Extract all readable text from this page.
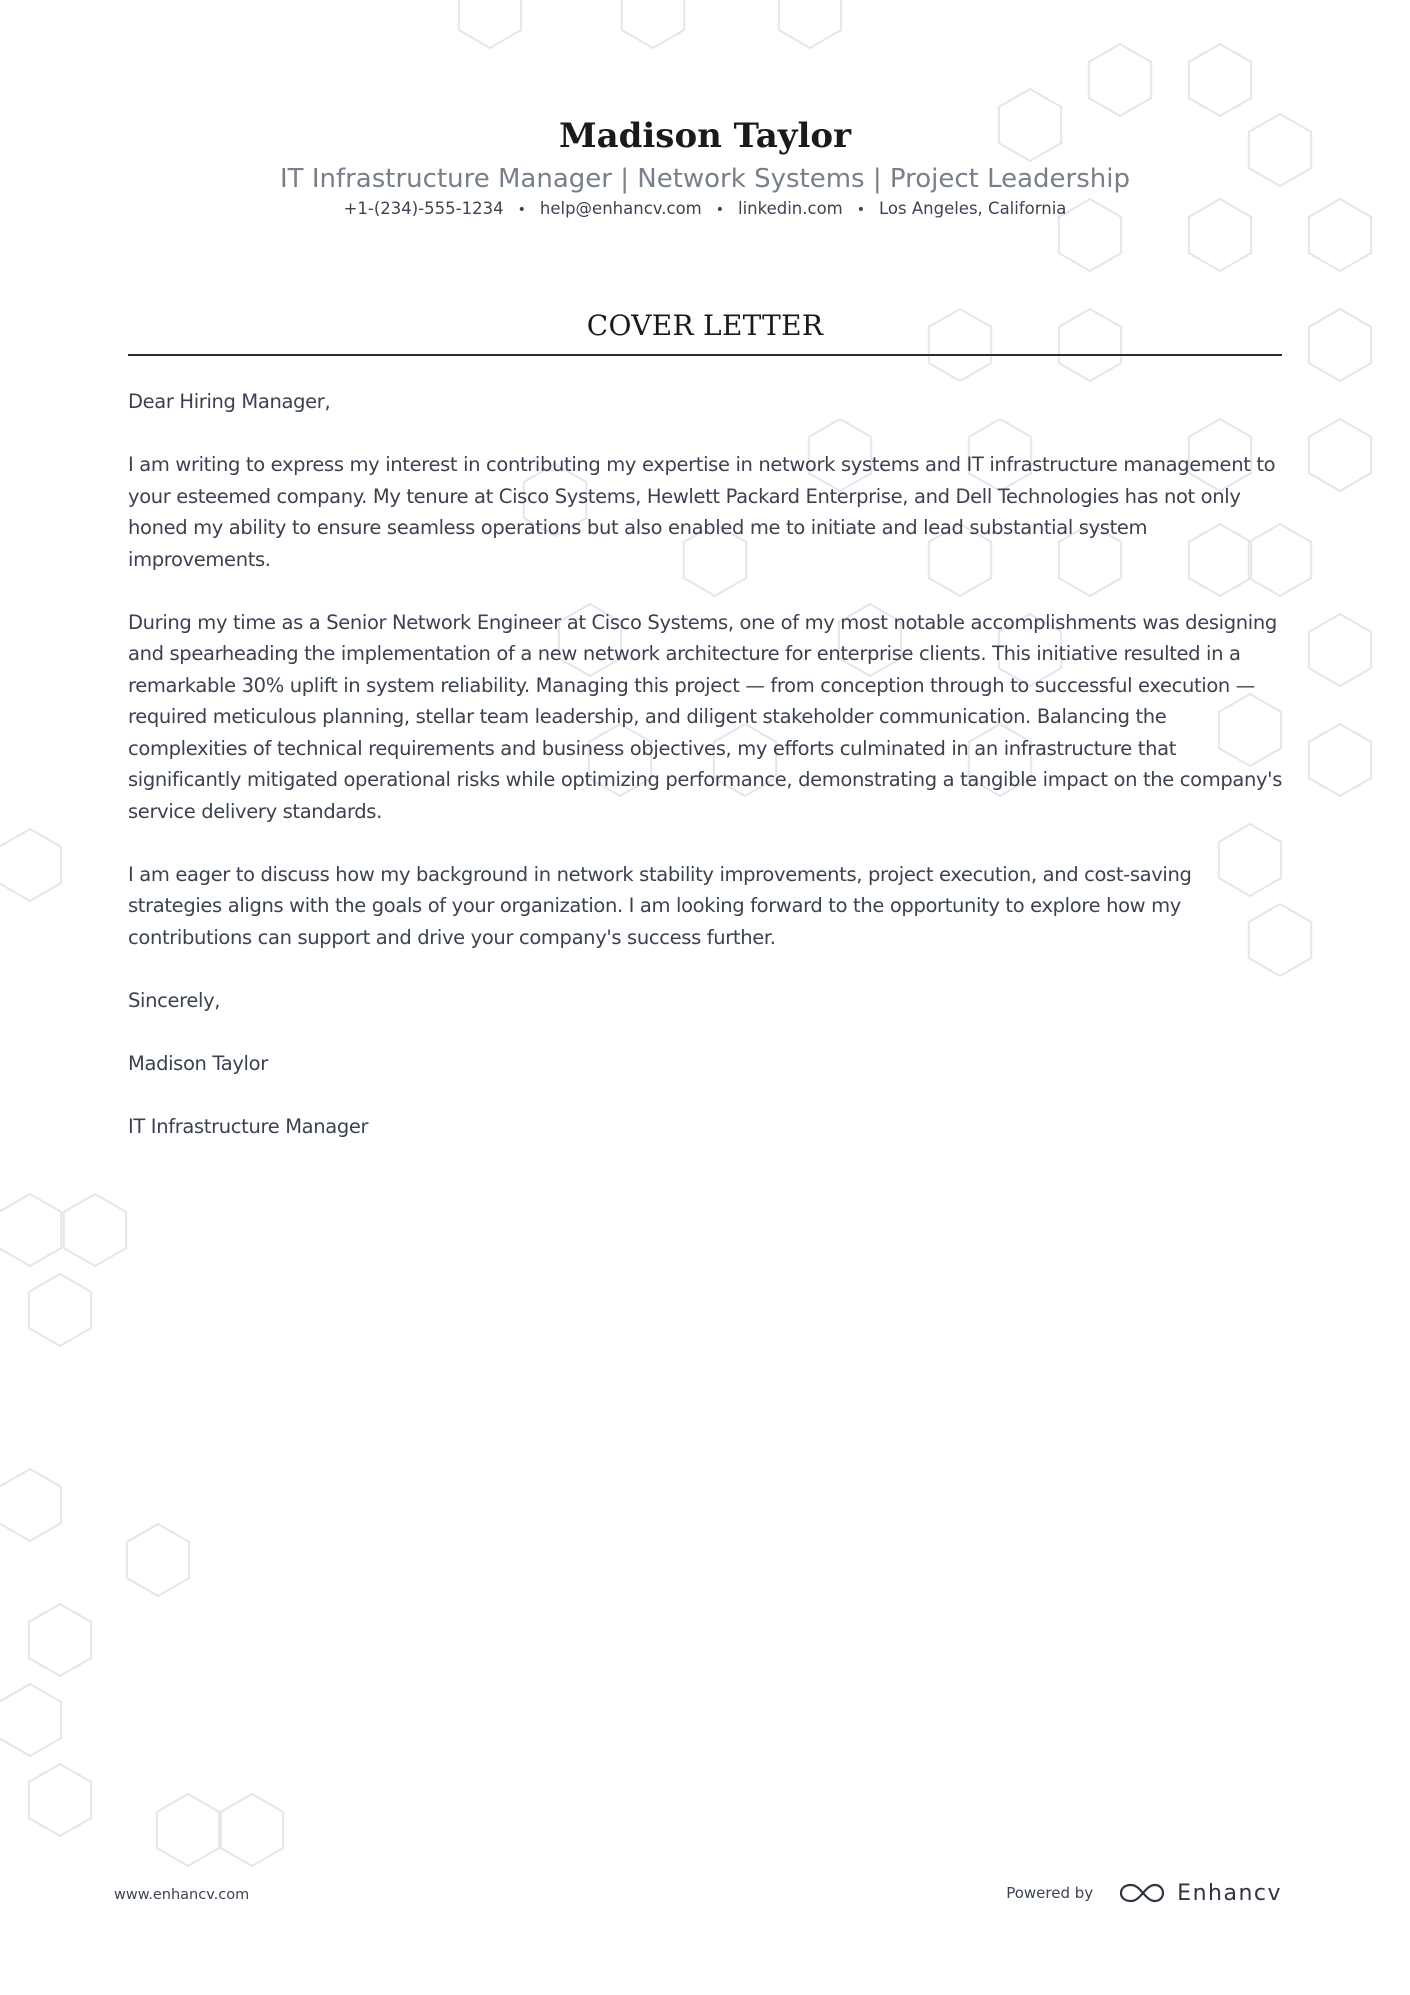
Madison Taylor
IT Infrastructure Manager | Network Systems | Project Leadership
+1-(234)-555-1234 • help@enhancv.com • linkedin.com • Los Angeles, California
COVER LETTER

Dear Hiring Manager,

I am writing to express my interest in contributing my expertise in network systems and IT infrastructure management to your esteemed company. My tenure at Cisco Systems, Hewlett Packard Enterprise, and Dell Technologies has not only honed my ability to ensure seamless operations but also enabled me to initiate and lead substantial system improvements.

During my time as a Senior Network Engineer at Cisco Systems, one of my most notable accomplishments was designing and spearheading the implementation of a new network architecture for enterprise clients. This initiative resulted in a remarkable 30% uplift in system reliability. Managing this project — from conception through to successful execution — required meticulous planning, stellar team leadership, and diligent stakeholder communication. Balancing the complexities of technical requirements and business objectives, my efforts culminated in an infrastructure that significantly mitigated operational risks while optimizing performance, demonstrating a tangible impact on the company's service delivery standards.

I am eager to discuss how my background in network stability improvements, project execution, and cost-saving strategies aligns with the goals of your organization. I am looking forward to the opportunity to explore how my contributions can support and drive your company's success further.

Sincerely,

Madison Taylor

IT Infrastructure Manager

www.enhancv.com	Powered by	Enhancv
